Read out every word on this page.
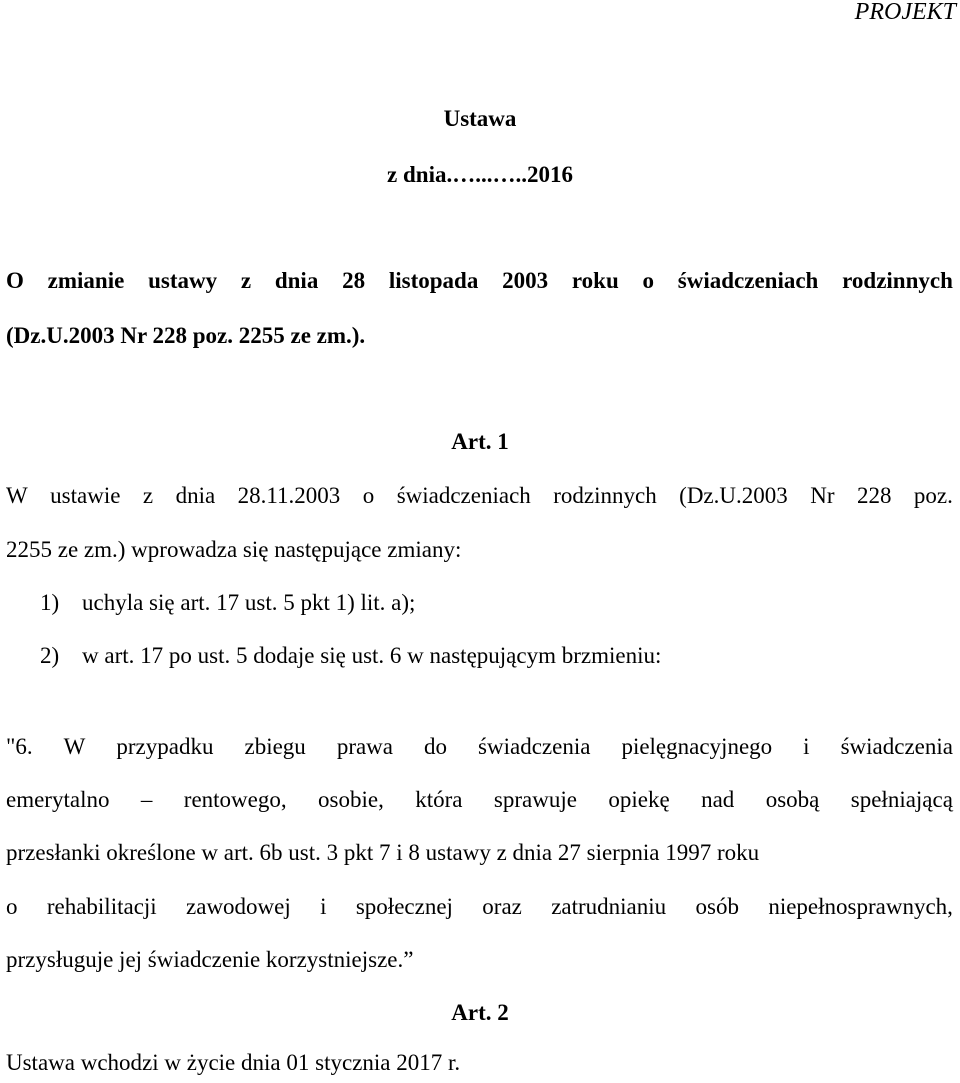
PROJEKT
Ustawa
z dnia.…...…..2016
O zmianie ustawy z dnia 28 listopada 2003 roku o świadczeniach rodzinnych
(Dz.U.2003 Nr 228 poz. 2255 ze zm.).
Art. 1
W ustawie z dnia 28.11.2003 o świadczeniach rodzinnych (Dz.U.2003 Nr 228 poz.
2255 ze zm.) wprowadza się następujące zmiany:
1) uchyla się art. 17 ust. 5 pkt 1) lit. a);
2) w art. 17 po ust. 5 dodaje się ust. 6 w następującym brzmieniu:
"6. W przypadku zbiegu prawa do świadczenia pielęgnacyjnego i świadczenia
emerytalno – rentowego, osobie, która sprawuje opiekę nad osobą spełniającą
przesłanki określone w art. 6b ust. 3 pkt 7 i 8 ustawy z dnia 27 sierpnia 1997 roku
o rehabilitacji zawodowej i społecznej oraz zatrudnianiu osób niepełnosprawnych,
przysługuje jej świadczenie korzystniejsze.”
Art. 2
Ustawa wchodzi w życie dnia 01 stycznia 2017 r.
